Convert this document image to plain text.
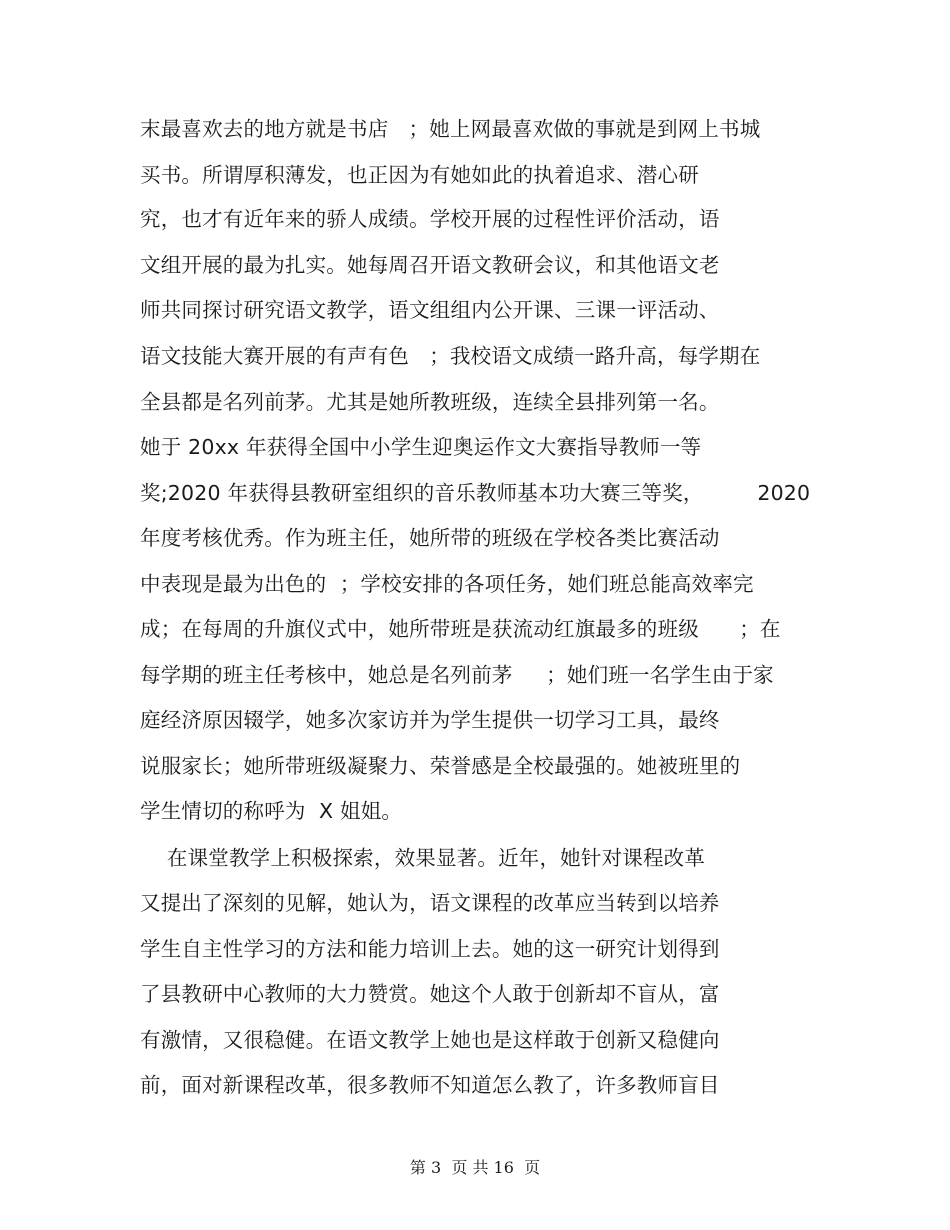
末最喜欢去的地方就是书店   ；她上网最喜欢做的事就是到网上书城
买书。所谓厚积薄发，也正因为有她如此的执着追求、潜心研
究，也才有近年来的骄人成绩。学校开展的过程性评价活动，语
文组开展的最为扎实。她每周召开语文教研会议，和其他语文老
师共同探讨研究语文教学，语文组组内公开课、三课一评活动、
语文技能大赛开展的有声有色   ；我校语文成绩一路升高，每学期在
全县都是名列前茅。尤其是她所教班级，连续全县排列第一名。
她于 20xx 年获得全国中小学生迎奥运作文大赛指导教师一等
奖;2020 年获得县教研室组织的音乐教师基本功大赛三等奖，        2020
年度考核优秀。作为班主任，她所带的班级在学校各类比赛活动
中表现是最为出色的  ；学校安排的各项任务，她们班总能高效率完
成；在每周的升旗仪式中，她所带班是获流动红旗最多的班级      ；在
每学期的班主任考核中，她总是名列前茅     ；她们班一名学生由于家
庭经济原因辍学，她多次家访并为学生提供一切学习工具，最终
说服家长；她所带班级凝聚力、荣誉感是全校最强的。她被班里的
学生情切的称呼为  X 姐姐。
在课堂教学上积极探索，效果显著。近年，她针对课程改革
又提出了深刻的见解，她认为，语文课程的改革应当转到以培养
学生自主性学习的方法和能力培训上去。她的这一研究计划得到
了县教研中心教师的大力赞赏。她这个人敢于创新却不盲从，富
有激情，又很稳健。在语文教学上她也是这样敢于创新又稳健向
前，面对新课程改革，很多教师不知道怎么教了，许多教师盲目
第 3  页 共 16  页
